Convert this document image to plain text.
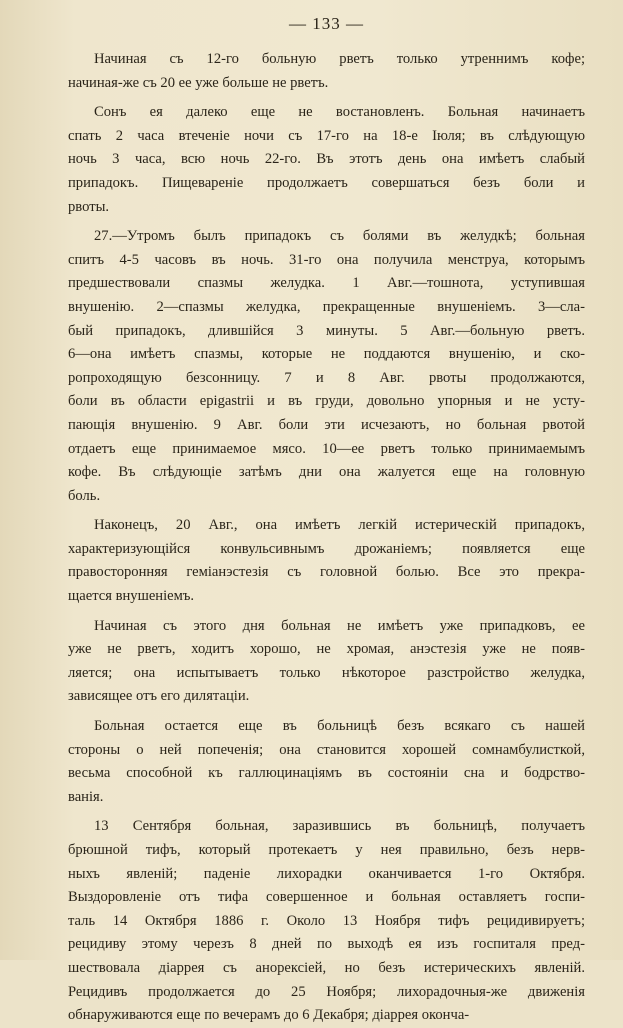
— 133 —

Начиная съ 12-го больную рветъ только утреннимъ кофе;
начиная-же съ 20 ее уже больше не рветъ.

Сонъ ея далеко еще не востановленъ. Больная начинаетъ
спать 2 часа втеченіе ночи съ 17-го на 18-е Іюля; въ слѣдующую
ночь 3 часа, всю ночь 22-го. Въ этотъ день она имѣетъ слабый
припадокъ. Пищевареніе продолжаетъ совершаться безъ боли и
рвоты.

27.—Утромъ былъ припадокъ съ болями въ желудкѣ; больная
спитъ 4-5 часовъ въ ночь. 31-го она получила менструа, которымъ
предшествовали спазмы желудка. 1 Авг.—тошнота, уступившая
внушенію. 2—спазмы желудка, прекращенные внушеніемъ. 3—сла-
бый припадокъ, длившійся 3 минуты. 5 Авг.—больную рветъ.
6—она имѣетъ спазмы, которые не поддаются внушенію, и ско-
ропроходящую безсонницу. 7 и 8 Авг. рвоты продолжаются,
боли въ области epigastrii и въ груди, довольно упорныя и не усту-
пающія внушенію. 9 Авг. боли эти исчезаютъ, но больная рвотой
отдаетъ еще принимаемое мясо. 10—ее рветъ только принимаемымъ
кофе. Въ слѣдующіе затѣмъ дни она жалуется еще на головную
боль.

Наконецъ, 20 Авг., она имѣетъ легкій истерическій припадокъ,
характеризующійся конвульсивнымъ дрожаніемъ; появляется еще
правосторонняя геміанэстезія съ головной болью. Все это прекра-
щается внушеніемъ.

Начиная съ этого дня больная не имѣетъ уже припадковъ, ее
уже не рветъ, ходитъ хорошо, не хромая, анэстезія уже не появ-
ляется; она испытываетъ только нѣкоторое разстройство желудка,
зависящее отъ его дилятаціи.

Больная остается еще въ больницѣ безъ всякаго съ нашей
стороны о ней попеченія; она становится хорошей сомнамбулисткой,
весьма способной къ галлюцинаціямъ въ состояніи сна и бодрство-
ванія.

13 Сентября больная, заразившись въ больницѣ, получаетъ
брюшной тифъ, который протекаетъ у нея правильно, безъ нерв-
ныхъ явленій; паденіе лихорадки оканчивается 1-го Октября.
Выздоровленіе отъ тифа совершенное и больная оставляетъ госпи-
таль 14 Октября 1886 г. Около 13 Ноября тифъ рецидивируетъ;
рецидиву этому черезъ 8 дней по выходѣ ея изъ госпиталя пред-
шествовала діаррея съ анорексіей, но безъ истерическихъ явленій.
Рецидивъ продолжается до 25 Ноября; лихорадочныя-же движенія
обнаруживаются еще по вечерамъ до 6 Декабря; діаррея оконча-
